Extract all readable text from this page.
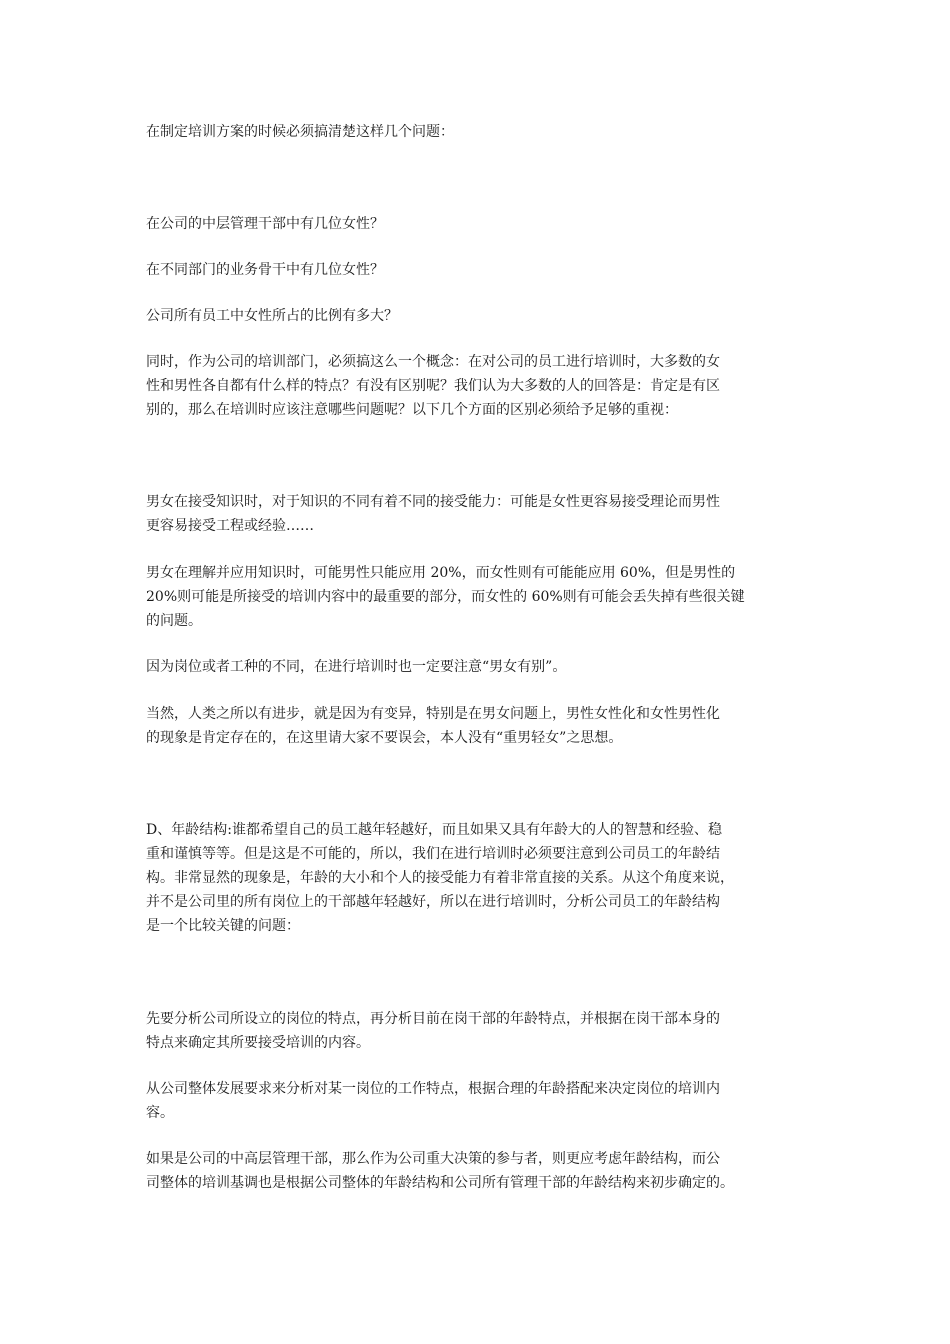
在制定培训方案的时候必须搞清楚这样几个问题：
在公司的中层管理干部中有几位女性？
在不同部门的业务骨干中有几位女性？
公司所有员工中女性所占的比例有多大？
同时，作为公司的培训部门，必须搞这么一个概念：在对公司的员工进行培训时，大多数的女
性和男性各自都有什么样的特点？有没有区别呢？我们认为大多数的人的回答是：肯定是有区
别的，那么在培训时应该注意哪些问题呢？以下几个方面的区别必须给予足够的重视：
男女在接受知识时，对于知识的不同有着不同的接受能力：可能是女性更容易接受理论而男性
更容易接受工程或经验……
男女在理解并应用知识时，可能男性只能应用 20%，而女性则有可能能应用 60%，但是男性的
20%则可能是所接受的培训内容中的最重要的部分，而女性的 60%则有可能会丢失掉有些很关键
的问题。
因为岗位或者工种的不同，在进行培训时也一定要注意“男女有别”。
当然，人类之所以有进步，就是因为有变异，特别是在男女问题上，男性女性化和女性男性化
的现象是肯定存在的，在这里请大家不要误会，本人没有“重男轻女”之思想。
D、年龄结构:谁都希望自己的员工越年轻越好，而且如果又具有年龄大的人的智慧和经验、稳
重和谨慎等等。但是这是不可能的，所以，我们在进行培训时必须要注意到公司员工的年龄结
构。非常显然的现象是，年龄的大小和个人的接受能力有着非常直接的关系。从这个角度来说，
并不是公司里的所有岗位上的干部越年轻越好，所以在进行培训时，分析公司员工的年龄结构
是一个比较关键的问题：
先要分析公司所设立的岗位的特点，再分析目前在岗干部的年龄特点，并根据在岗干部本身的
特点来确定其所要接受培训的内容。
从公司整体发展要求来分析对某一岗位的工作特点，根据合理的年龄搭配来决定岗位的培训内
容。
如果是公司的中高层管理干部，那么作为公司重大决策的参与者，则更应考虑年龄结构，而公
司整体的培训基调也是根据公司整体的年龄结构和公司所有管理干部的年龄结构来初步确定的。
